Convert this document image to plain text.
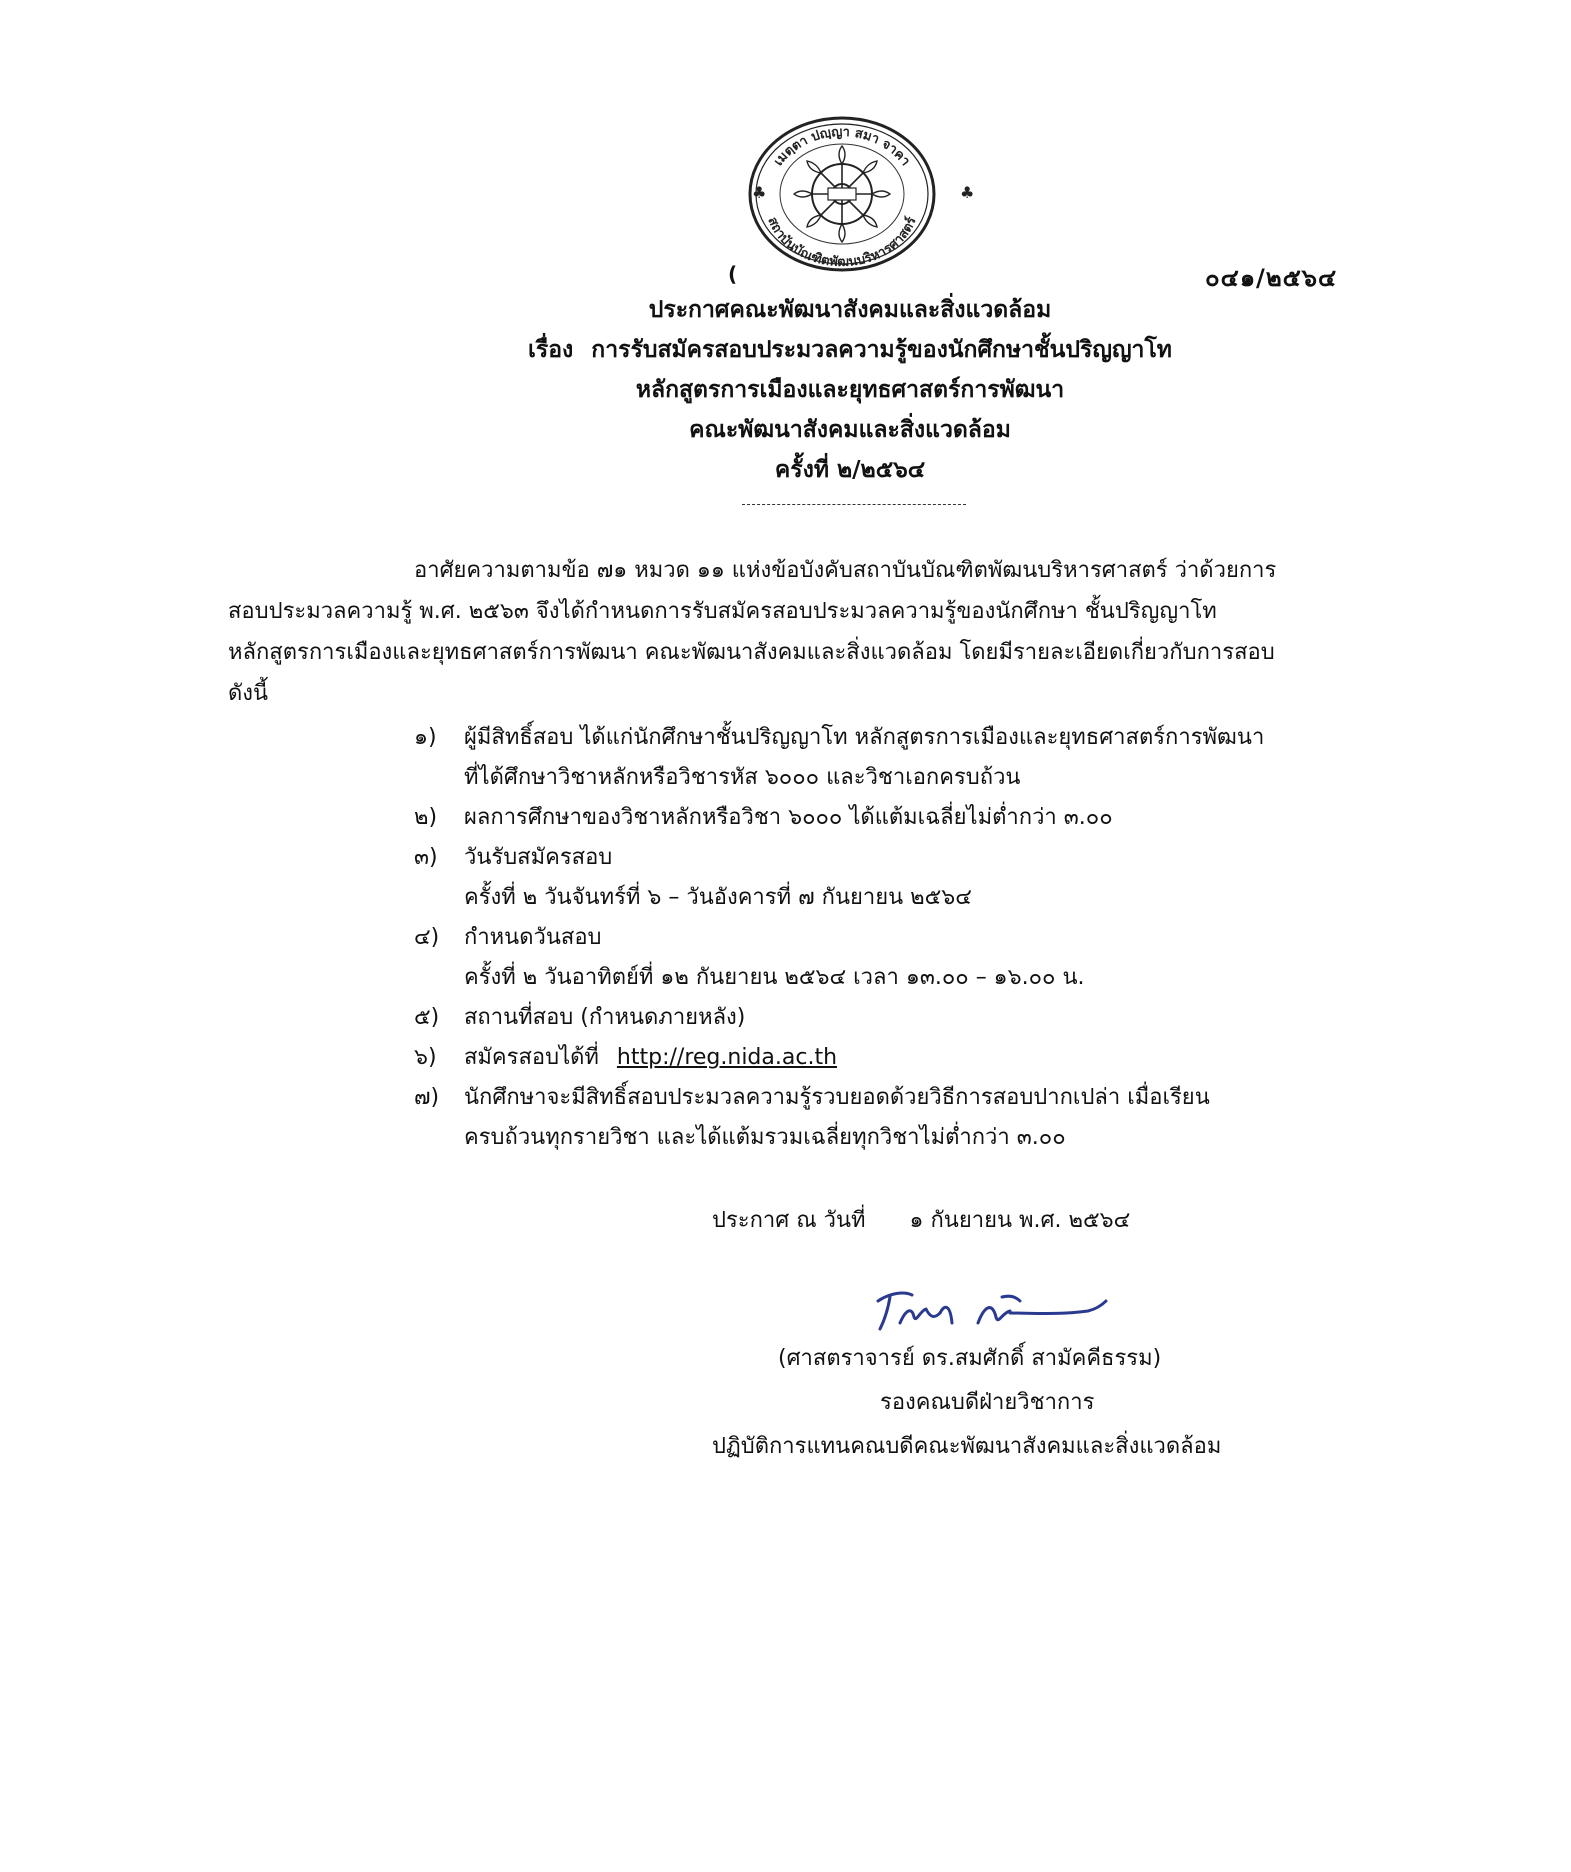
เมตฺตา ปญฺญา สมา จาคา
สถาบันบัณฑิตพัฒนบริหารศาสตร์
♣	♣
(	๐๔๑/๒๕๖๔
ประกาศคณะพัฒนาสังคมและสิ่งแวดล้อม
เรื่อง การรับสมัครสอบประมวลความรู้ของนักศึกษาชั้นปริญญาโท
หลักสูตรการเมืองและยุทธศาสตร์การพัฒนา
คณะพัฒนาสังคมและสิ่งแวดล้อม
ครั้งที่ ๒/๒๕๖๔
อาศัยความตามข้อ ๗๑ หมวด ๑๑ แห่งข้อบังคับสถาบันบัณฑิตพัฒนบริหารศาสตร์ ว่าด้วยการ
สอบประมวลความรู้ พ.ศ. ๒๕๖๓ จึงได้กำหนดการรับสมัครสอบประมวลความรู้ของนักศึกษา ชั้นปริญญาโท
หลักสูตรการเมืองและยุทธศาสตร์การพัฒนา คณะพัฒนาสังคมและสิ่งแวดล้อม โดยมีรายละเอียดเกี่ยวกับการสอบ
ดังนี้
๑) ผู้มีสิทธิ์สอบ ได้แก่นักศึกษาชั้นปริญญาโท หลักสูตรการเมืองและยุทธศาสตร์การพัฒนา
ที่ได้ศึกษาวิชาหลักหรือวิชารหัส ๖๐๐๐ และวิชาเอกครบถ้วน
๒) ผลการศึกษาของวิชาหลักหรือวิชา ๖๐๐๐ ได้แต้มเฉลี่ยไม่ต่ำกว่า ๓.๐๐
๓) วันรับสมัครสอบ
ครั้งที่ ๒ วันจันทร์ที่ ๖ – วันอังคารที่ ๗ กันยายน ๒๕๖๔
๔) กำหนดวันสอบ
ครั้งที่ ๒ วันอาทิตย์ที่ ๑๒ กันยายน ๒๕๖๔ เวลา ๑๓.๐๐ – ๑๖.๐๐ น.
๕) สถานที่สอบ (กำหนดภายหลัง)
๖) สมัครสอบได้ที่ http://reg.nida.ac.th
๗) นักศึกษาจะมีสิทธิ์สอบประมวลความรู้รวบยอดด้วยวิธีการสอบปากเปล่า เมื่อเรียน
ครบถ้วนทุกรายวิชา และได้แต้มรวมเฉลี่ยทุกวิชาไม่ต่ำกว่า ๓.๐๐
ประกาศ ณ วันที่ ๑ กันยายน พ.ศ. ๒๕๖๔
(ศาสตราจารย์ ดร.สมศักดิ์ สามัคคีธรรม)
รองคณบดีฝ่ายวิชาการ
ปฏิบัติการแทนคณบดีคณะพัฒนาสังคมและสิ่งแวดล้อม
